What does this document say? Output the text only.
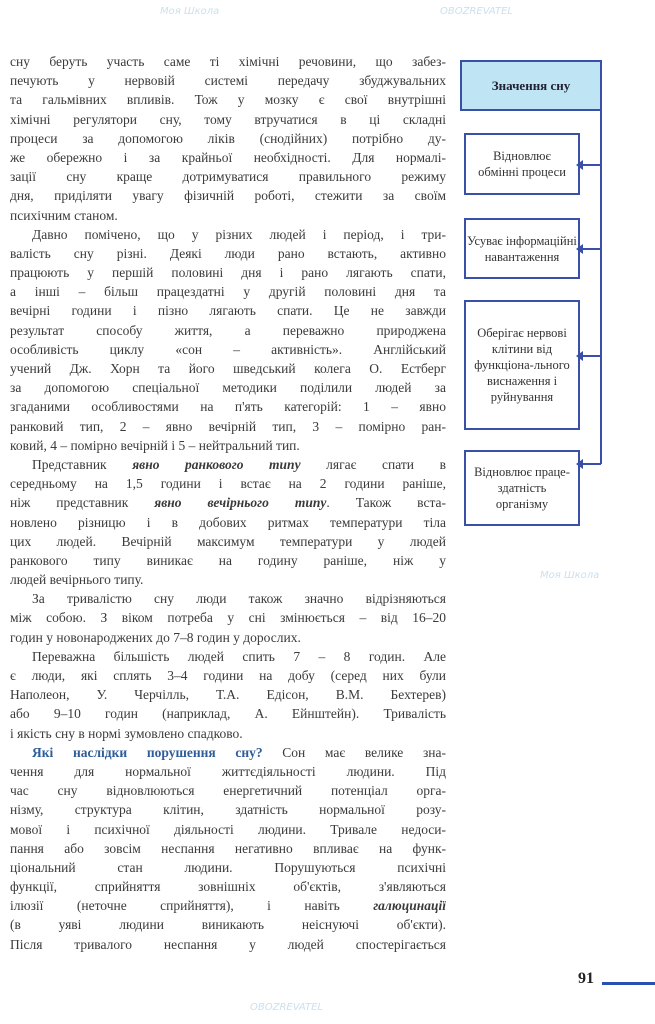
сну беруть участь саме ті хімічні речовини, що забез-
печують у нервовій системі передачу збуджувальних
та гальмівних впливів. Тож у мозку є свої внутрішні
хімічні регулятори сну, тому втручатися в ці складні
процеси за допомогою ліків (снодійних) потрібно ду-
же обережно і за крайньої необхідності. Для нормалі-
зації сну краще дотримуватися правильного режиму
дня, приділяти увагу фізичній роботі, стежити за своїм
психічним станом.
Давно помічено, що у різних людей і період, і три-
валість сну різні. Деякі люди рано встають, активно
працюють у першій половині дня і рано лягають спати,
а інші – більш працездатні у другій половині дня та
вечірні години і пізно лягають спати. Це не завжди
результат способу життя, а переважно природжена
особливість циклу «сон – активність». Англійський
учений Дж. Хорн та його шведський колега О. Естберг
за допомогою спеціальної методики поділили людей за
згаданими особливостями на п'ять категорій: 1 – явно
ранковий тип, 2 – явно вечірній тип, 3 – помірно ран-
ковий, 4 – помірно вечірній і 5 – нейтральний тип.
Представник явно ранкового типу лягає спати в
середньому на 1,5 години і встає на 2 години раніше,
ніж представник явно вечірнього типу. Також вста-
новлено різницю і в добових ритмах температури тіла
цих людей. Вечірній максимум температури у людей
ранкового типу виникає на годину раніше, ніж у
людей вечірнього типу.
За тривалістю сну люди також значно відрізняються
між собою. З віком потреба у сні змінюється – від 16–20
годин у новонароджених до 7–8 годин у дорослих.
Переважна більшість людей спить 7 – 8 годин. Але
є люди, які сплять 3–4 години на добу (серед них були
Наполеон, У. Черчілль, Т.А. Едісон, В.М. Бехтерев)
або 9–10 годин (наприклад, А. Ейнштейн). Тривалість
і якість сну в нормі зумовлено спадково.
Які наслідки порушення сну? Сон має велике зна-
чення для нормальної життєдіяльності людини. Під
час сну відновлюються енергетичний потенціал орга-
нізму, структура клітин, здатність нормальної розу-
мової і психічної діяльності людини. Тривале недоси-
пання або зовсім неспання негативно впливає на функ-
ціональний стан людини. Порушуються психічні
функції, сприйняття зовнішніх об'єктів, з'являються
ілюзії (неточне сприйняття), і навіть галюцинації
(в уяві людини виникають неіснуючі об'єкти).
Після тривалого неспання у людей спостерігається
Значення сну
Відновлює обмінні процеси
Усуває інформаційні навантаження
Оберігає нервові клітини від функціона-льного виснаження і руйнування
Відновлює праце-здатність організму
91
Моя Школа	OBOZREVATEL
Моя Школа
OBOZREVATEL
